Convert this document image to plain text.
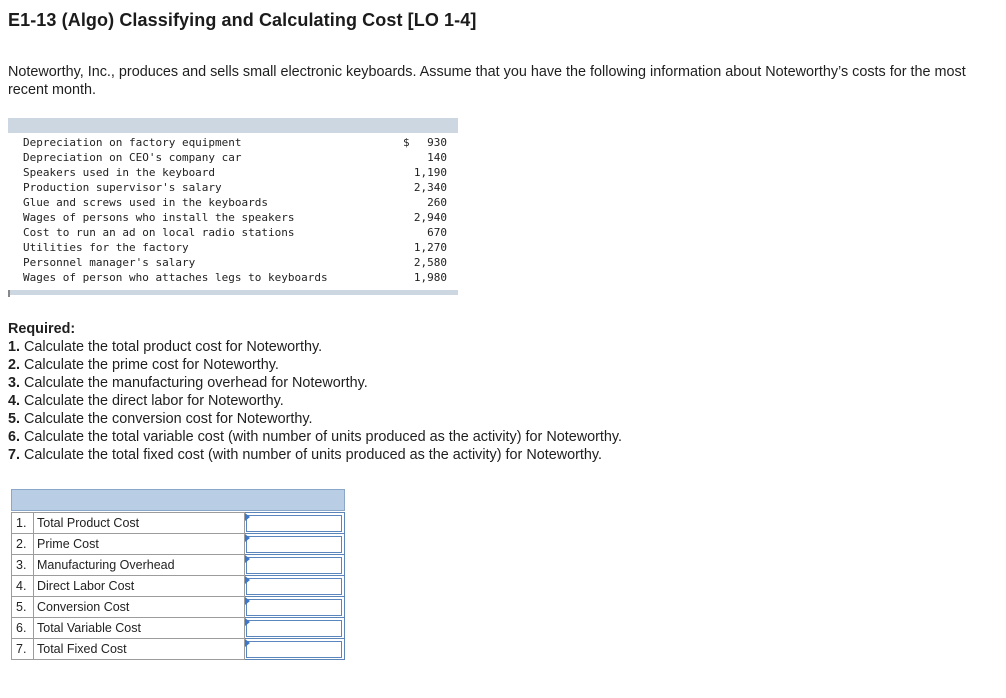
E1-13 (Algo) Classifying and Calculating Cost [LO 1-4]
Noteworthy, Inc., produces and sells small electronic keyboards. Assume that you have the following information about Noteworthy’s costs for the most recent month.
Depreciation on factory equipment	$ 930
Depreciation on CEO's company car	140
Speakers used in the keyboard	1,190
Production supervisor's salary	2,340
Glue and screws used in the keyboards	260
Wages of persons who install the speakers	2,940
Cost to run an ad on local radio stations	670
Utilities for the factory	1,270
Personnel manager's salary	2,580
Wages of person who attaches legs to keyboards	1,980
Required:
1. Calculate the total product cost for Noteworthy.
2. Calculate the prime cost for Noteworthy.
3. Calculate the manufacturing overhead for Noteworthy.
4. Calculate the direct labor for Noteworthy.
5. Calculate the conversion cost for Noteworthy.
6. Calculate the total variable cost (with number of units produced as the activity) for Noteworthy.
7. Calculate the total fixed cost (with number of units produced as the activity) for Noteworthy.
1.	Total Product Cost	

2.	Prime Cost	

3.	Manufacturing Overhead	

4.	Direct Labor Cost	

5.	Conversion Cost	

6.	Total Variable Cost	

7.	Total Fixed Cost	
